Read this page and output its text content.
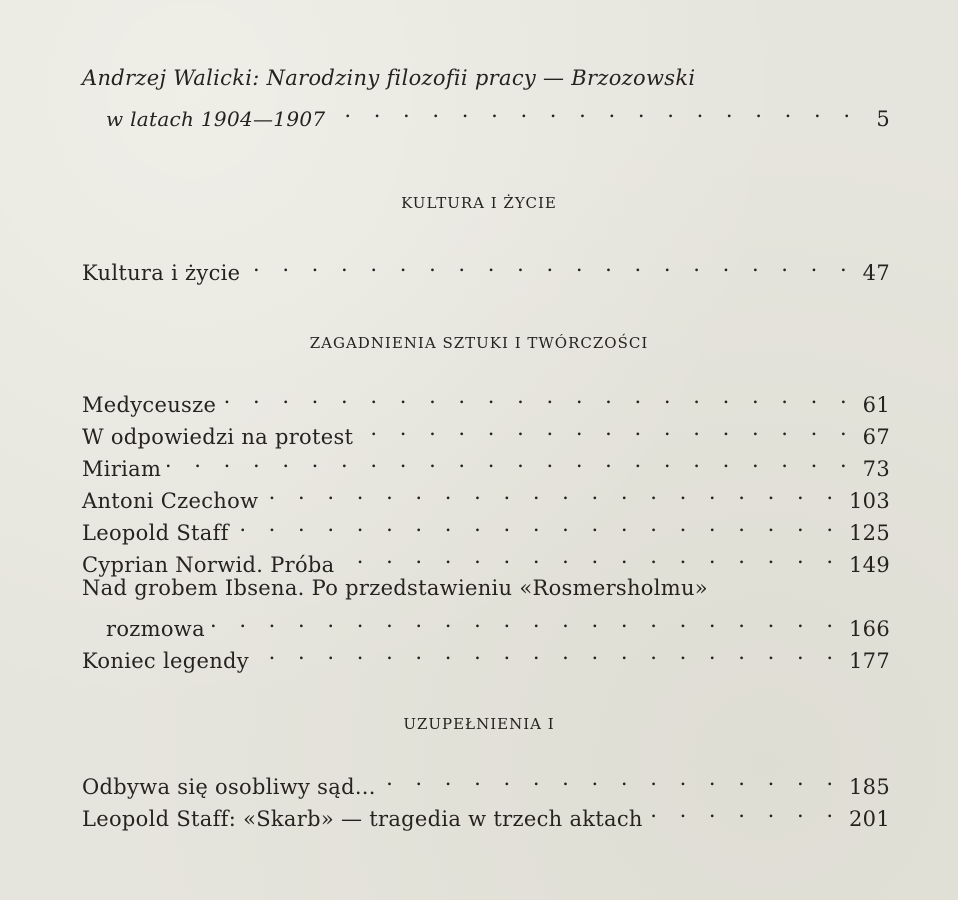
Andrzej Walicki: Narodziny filozofii pracy — Brzozowski
w latach 1904—1907 . . .	5
KULTURA I ŻYCIE
Kultura i życie . . .	47
ZAGADNIENIA SZTUKI I TWÓRCZOŚCI
Medyceusze . . .	61
W odpowiedzi na protest . . .	67
Miriam . . .	73
Antoni Czechow . . .	103
Leopold Staff . . .	125
Cyprian Norwid. Próba . . .	149
Nad grobem Ibsena. Po przedstawieniu «Rosmersholmu»
rozmowa . . .	166
Koniec legendy . . .	177
UZUPEŁNIENIA I
Odbywa się osobliwy sąd... . . .	185
Leopold Staff: «Skarb» — tragedia w trzech aktach . . .	201
